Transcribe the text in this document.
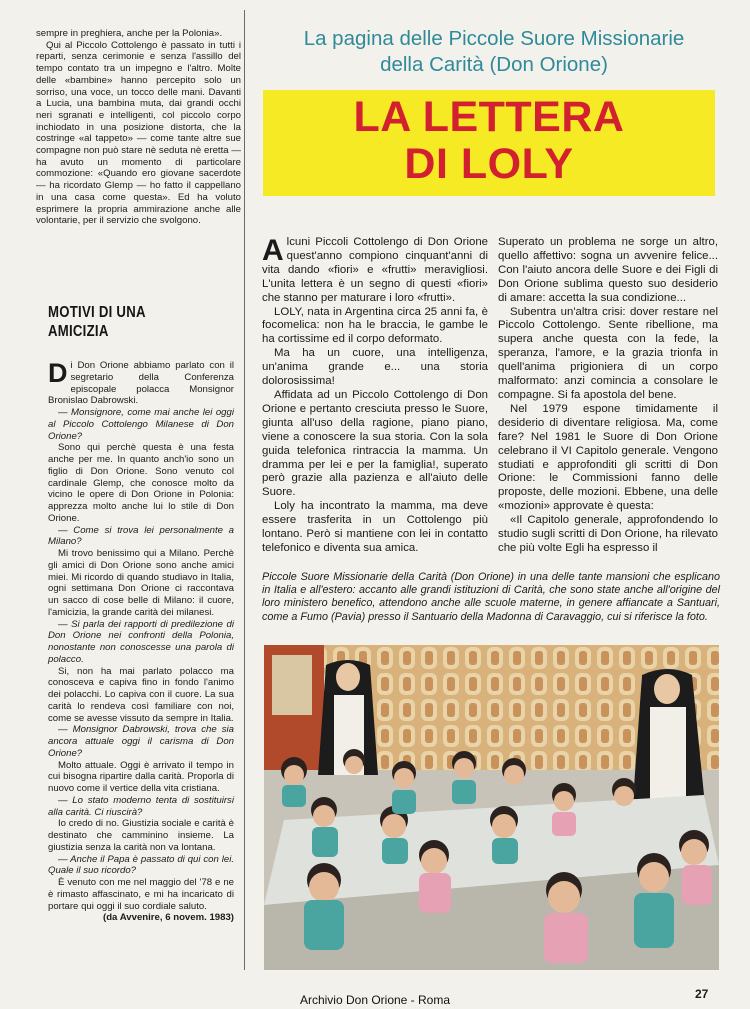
sempre in preghiera, anche per la Polonia».

Qui al Piccolo Cottolengo è passato in tutti i reparti, senza cerimonie e senza l'assillo del tempo contato tra un impegno e l'altro. Molte delle «bambine» hanno percepito solo un sorriso, una voce, un tocco delle mani. Davanti a Lucia, una bambina muta, dai grandi occhi neri sgranati e intelligenti, col piccolo corpo inchiodato in una posizione distorta, che la costringe «al tappeto» — come tante altre sue compagne non può stare nè seduta nè eretta — ha avuto un momento di particolare commozione: «Quando ero giovane sacerdote — ha ricordato Glemp — ho fatto il cappellano in una casa come questa». Ed ha voluto esprimere la propria ammirazione anche alle volontarie, per il servizio che svolgono.

MOTIVI DI UNA AMICIZIA

Di Don Orione abbiamo parlato con il segretario della Conferenza episcopale polacca Monsignor Bronislao Dabrowski.

— Monsignore, come mai anche lei oggi al Piccolo Cottolengo Milanese di Don Orione?

Sono qui perchè questa è una festa anche per me. In quanto anch'io sono un figlio di Don Orione. Sono venuto col cardinale Glemp, che conosce molto da vicino le opere di Don Orione in Polonia: apprezza molto anche lui lo stile di Don Orione.

— Come si trova lei personalmente a Milano?

Mi trovo benissimo qui a Milano. Perchè gli amici di Don Orione sono anche amici miei. Mi ricordo di quando studiavo in Italia, ogni settimana Don Orione ci raccontava un sacco di cose belle di Milano: il cuore, l'amicizia, la grande carità dei milanesi.

— Si parla dei rapporti di predilezione di Don Orione nei confronti della Polonia, nonostante non conoscesse una parola di polacco.

Si, non ha mai parlato polacco ma conosceva e capiva fino in fondo l'animo dei polacchi. Lo capiva con il cuore. La sua carità lo rendeva così familiare con noi, come se avesse vissuto da sempre in Italia.

— Monsignor Dabrowski, trova che sia ancora attuale oggi il carisma di Don Orione?

Molto attuale. Oggi è arrivato il tempo in cui bisogna ripartire dalla carità. Proporla di nuovo come il vertice della vita cristiana.

— Lo stato moderno tenta di sostituirsi alla carità. Ci riuscirà?

Io credo di no. Giustizia sociale e carità è destinato che camminino insieme. La giustizia senza la carità non va lontana.

— Anche il Papa è passato di qui con lei. Quale il suo ricordo?

È venuto con me nel maggio del '78 e ne è rimasto affascinato, e mi ha incaricato di portare qui oggi il suo cordiale saluto.

(da Avvenire, 6 novem. 1983)

La pagina delle Piccole Suore Missionarie
della Carità (Don Orione)
LA LETTERA
DI LOLY

Alcuni Piccoli Cottolengo di Don Orione quest'anno compiono cinquant'anni di vita dando «fiori» e «frutti» meravigliosi. L'unita lettera è un segno di questi «fiori» che stanno per maturare i loro «frutti».

LOLY, nata in Argentina circa 25 anni fa, è focomelica: non ha le braccia, le gambe le ha cortissime ed il corpo deformato.

Ma ha un cuore, una intelligenza, un'anima grande e... una storia dolorosissima!

Affidata ad un Piccolo Cottolengo di Don Orione e pertanto cresciuta presso le Suore, giunta all'uso della ragione, piano piano, viene a conoscere la sua storia. Con la sola guida telefonica rintraccia la mamma. Un dramma per lei e per la famiglia!, superato però grazie alla pazienza e all'aiuto delle Suore.

Loly ha incontrato la mamma, ma deve essere trasferita in un Cottolengo più lontano. Però si mantiene con lei in contatto telefonico e diventa sua amica.

Superato un problema ne sorge un altro, quello affettivo: sogna un avvenire felice... Con l'aiuto ancora delle Suore e dei Figli di Don Orione sublima questo suo desiderio di amare: accetta la sua condizione...

Subentra un'altra crisi: dover restare nel Piccolo Cottolengo. Sente ribellione, ma supera anche questa con la fede, la speranza, l'amore, e la grazia trionfa in quell'anima prigioniera di un corpo malformato: anzi comincia a consolare le compagne. Si fa apostola del bene.

Nel 1979 espone timidamente il desiderio di diventare religiosa. Ma, come fare? Nel 1981 le Suore di Don Orione celebrano il VI Capitolo generale. Vengono studiati e approfonditi gli scritti di Don Orione: le Commissioni fanno delle proposte, delle mozioni. Ebbene, una delle «mozioni» approvate è questa:

«Il Capitolo generale, approfondendo lo studio sugli scritti di Don Orione, ha rilevato che più volte Egli ha espresso il

Piccole Suore Missionarie della Carità (Don Orione) in una delle tante mansioni che esplicano in Italia e all'estero: accanto alle grandi istituzioni di Carità, che sono state anche all'origine del loro ministero benefico, attendono anche alle scuole materne, in genere affiancate a Santuari, come a Fumo (Pavia) presso il Santuario della Madonna di Caravaggio, cui si riferisce la foto.
27
Archivio Don Orione - Roma
